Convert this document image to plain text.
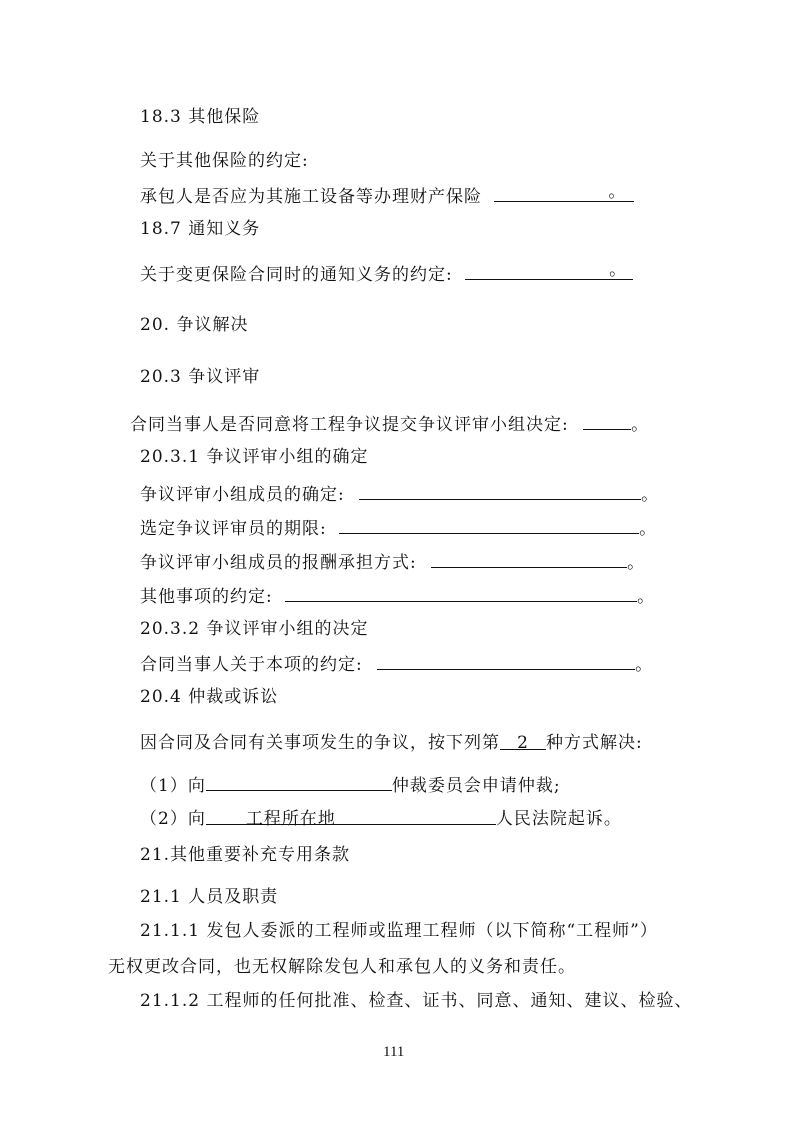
18.3 其他保险
关于其他保险的约定:
承包人是否应为其施工设备等办理财产保险	。
18.7 通知义务
关于变更保险合同时的通知义务的约定:	。
20. 争议解决
20.3 争议评审
合同当事人是否同意将工程争议提交争议评审小组决定:	。
20.3.1 争议评审小组的确定
争议评审小组成员的确定:	。
选定争议评审员的期限:	。
争议评审小组成员的报酬承担方式:	。
其他事项的约定:	。
20.3.2 争议评审小组的决定
合同当事人关于本项的约定:	。
20.4 仲裁或诉讼
因合同及合同有关事项发生的争议，按下列第 2 种方式解决:
（1）向	仲裁委员会申请仲裁;
（2）向 工程所在地	人民法院起诉。
21.其他重要补充专用条款
21.1 人员及职责
21.1.1 发包人委派的工程师或监理工程师（以下简称“工程师”）
无权更改合同，也无权解除发包人和承包人的义务和责任。
21.1.2 工程师的任何批准、检查、证书、同意、通知、建议、检验、
111
